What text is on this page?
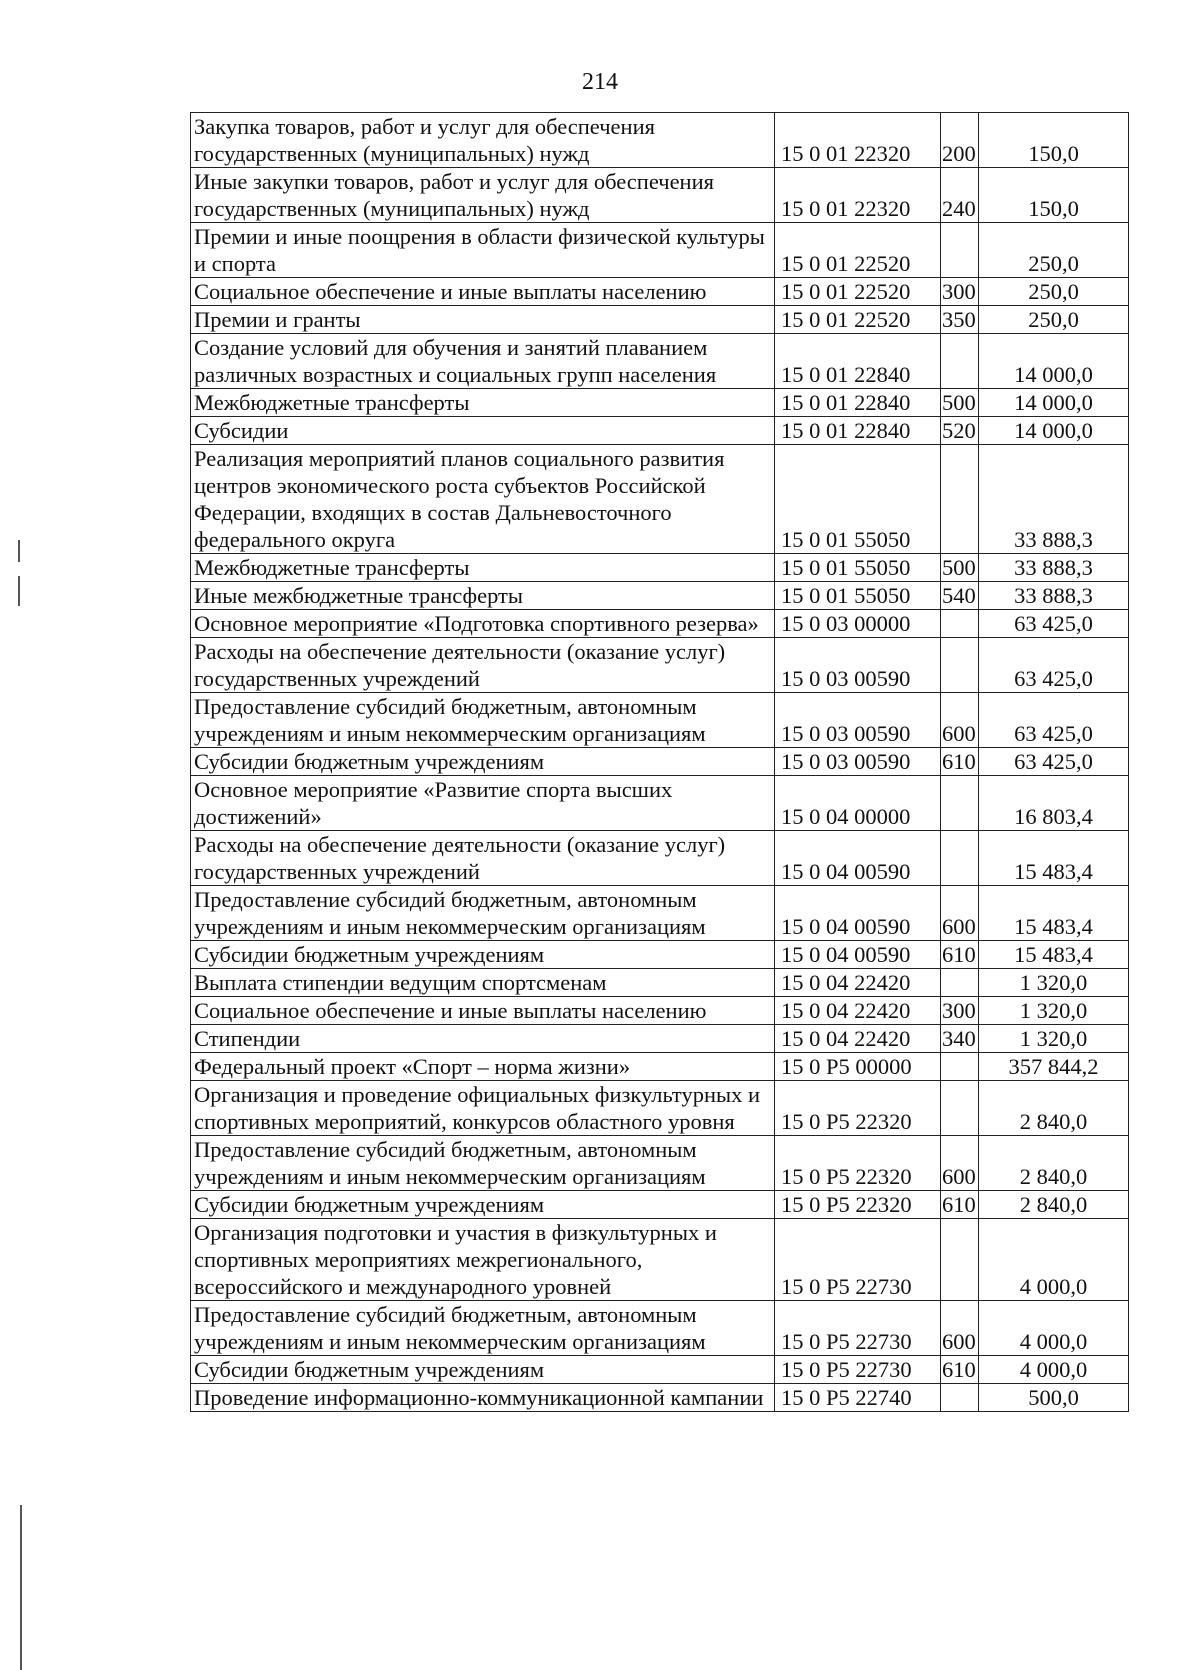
214
Закупка товаров, работ и услуг для обеспечения государственных (муниципальных) нужд	15 0 01 22320	200	150,0
Иные закупки товаров, работ и услуг для обеспечения государственных (муниципальных) нужд	15 0 01 22320	240	150,0
Премии и иные поощрения в области физической культуры и спорта	15 0 01 22520		250,0
Социальное обеспечение и иные выплаты населению	15 0 01 22520	300	250,0
Премии и гранты	15 0 01 22520	350	250,0
Создание условий для обучения и занятий плаванием различных возрастных и социальных групп населения	15 0 01 22840		14 000,0
Межбюджетные трансферты	15 0 01 22840	500	14 000,0
Субсидии	15 0 01 22840	520	14 000,0
Реализация мероприятий планов социального развития центров экономического роста субъектов Российской Федерации, входящих в состав Дальневосточного федерального округа	15 0 01 55050		33 888,3
Межбюджетные трансферты	15 0 01 55050	500	33 888,3
Иные межбюджетные трансферты	15 0 01 55050	540	33 888,3
Основное мероприятие «Подготовка спортивного резерва»	15 0 03 00000		63 425,0
Расходы на обеспечение деятельности (оказание услуг) государственных учреждений	15 0 03 00590		63 425,0
Предоставление субсидий бюджетным, автономным учреждениям и иным некоммерческим организациям	15 0 03 00590	600	63 425,0
Субсидии бюджетным учреждениям	15 0 03 00590	610	63 425,0
Основное мероприятие «Развитие спорта высших достижений»	15 0 04 00000		16 803,4
Расходы на обеспечение деятельности (оказание услуг) государственных учреждений	15 0 04 00590		15 483,4
Предоставление субсидий бюджетным, автономным учреждениям и иным некоммерческим организациям	15 0 04 00590	600	15 483,4
Субсидии бюджетным учреждениям	15 0 04 00590	610	15 483,4
Выплата стипендии ведущим спортсменам	15 0 04 22420		1 320,0
Социальное обеспечение и иные выплаты населению	15 0 04 22420	300	1 320,0
Стипендии	15 0 04 22420	340	1 320,0
Федеральный проект «Спорт – норма жизни»	15 0 P5 00000		357 844,2
Организация и проведение официальных физкультурных и спортивных мероприятий, конкурсов областного уровня	15 0 P5 22320		2 840,0
Предоставление субсидий бюджетным, автономным учреждениям и иным некоммерческим организациям	15 0 P5 22320	600	2 840,0
Субсидии бюджетным учреждениям	15 0 P5 22320	610	2 840,0
Организация подготовки и участия в физкультурных и спортивных мероприятиях межрегионального, всероссийского и международного уровней	15 0 P5 22730		4 000,0
Предоставление субсидий бюджетным, автономным учреждениям и иным некоммерческим организациям	15 0 P5 22730	600	4 000,0
Субсидии бюджетным учреждениям	15 0 P5 22730	610	4 000,0
Проведение информационно-коммуникационной кампании	15 0 P5 22740		500,0
